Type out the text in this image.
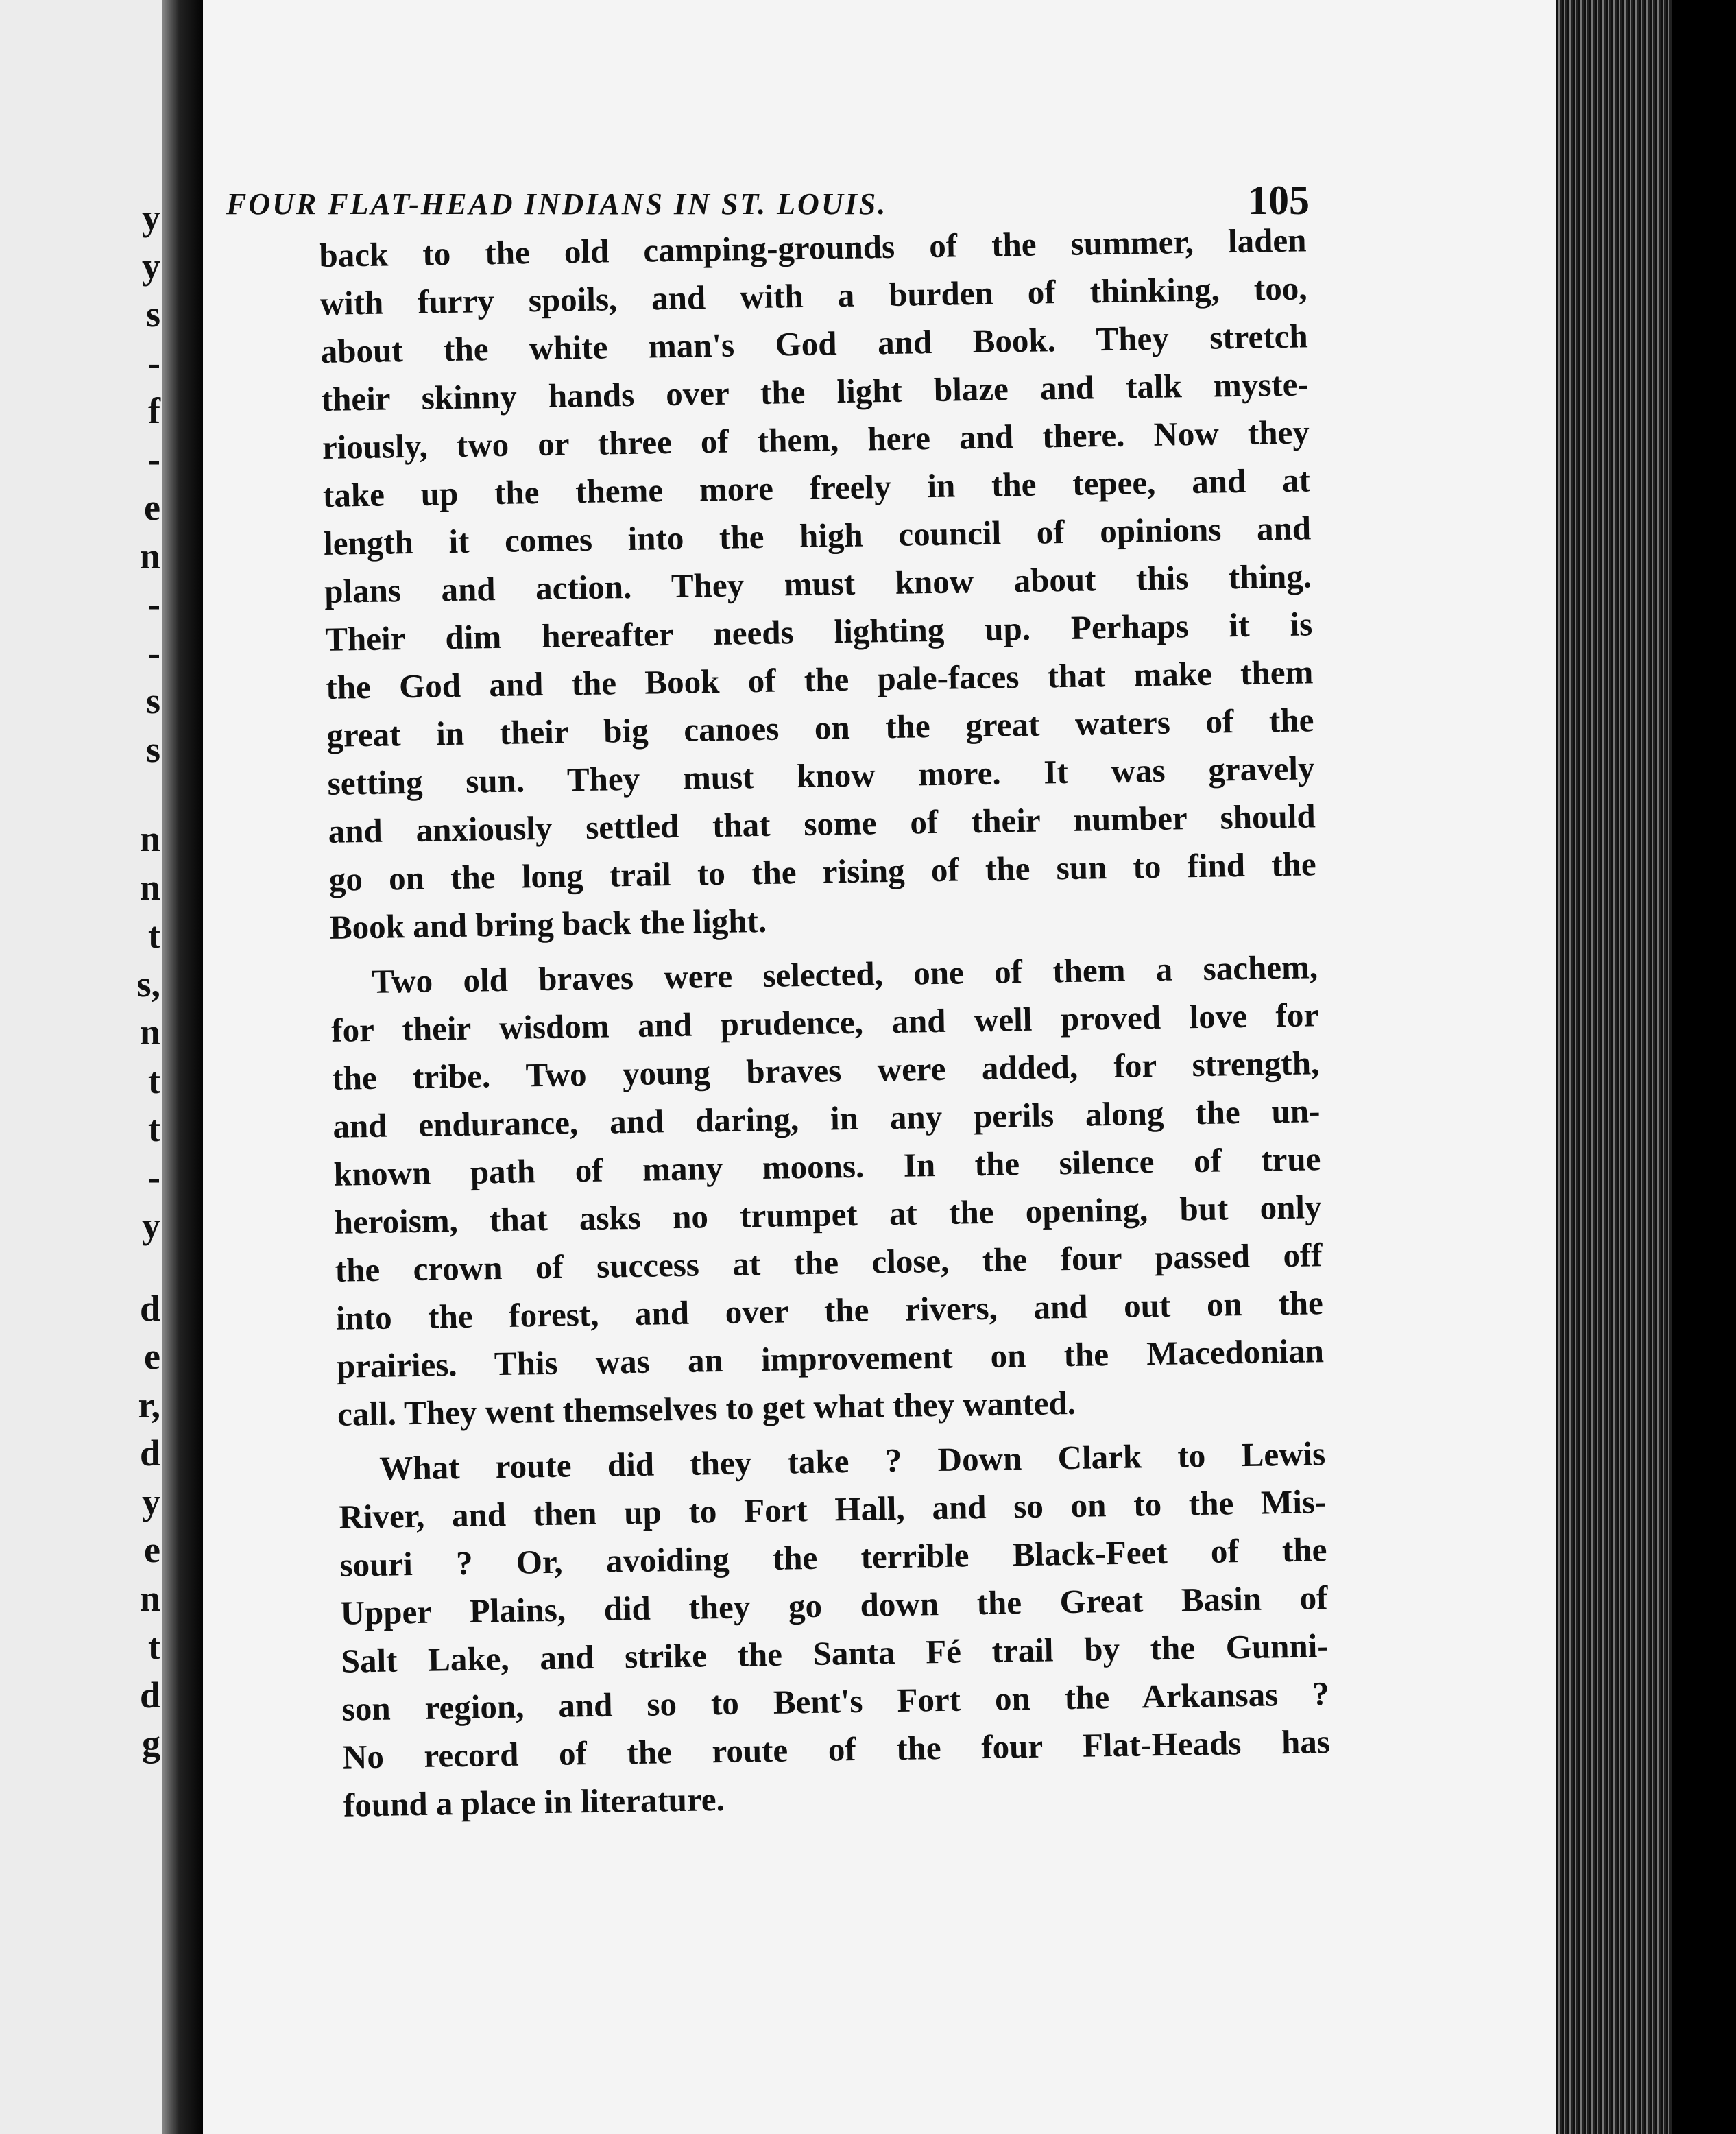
y
y
s
-
f
-
e
n
-
-
s
s
n
n
t
s,
n
t
t
-
y
d
e
r,
d
y
e
n
t
d
g
FOUR FLAT-HEAD INDIANS IN ST. LOUIS.	105
back to the old camping-grounds of the summer, laden
with furry spoils, and with a burden of thinking, too,
about the white man's God and Book. They stretch
their skinny hands over the light blaze and talk myste-
riously, two or three of them, here and there. Now they
take up the theme more freely in the tepee, and at
length it comes into the high council of opinions and
plans and action. They must know about this thing.
Their dim hereafter needs lighting up. Perhaps it is
the God and the Book of the pale-faces that make them
great in their big canoes on the great waters of the
setting sun. They must know more. It was gravely
and anxiously settled that some of their number should
go on the long trail to the rising of the sun to find the
Book and bring back the light.
Two old braves were selected, one of them a sachem,
for their wisdom and prudence, and well proved love for
the tribe. Two young braves were added, for strength,
and endurance, and daring, in any perils along the un-
known path of many moons. In the silence of true
heroism, that asks no trumpet at the opening, but only
the crown of success at the close, the four passed off
into the forest, and over the rivers, and out on the
prairies. This was an improvement on the Macedonian
call. They went themselves to get what they wanted.
What route did they take ? Down Clark to Lewis
River, and then up to Fort Hall, and so on to the Mis-
souri ? Or, avoiding the terrible Black-Feet of the
Upper Plains, did they go down the Great Basin of
Salt Lake, and strike the Santa Fé trail by the Gunni-
son region, and so to Bent's Fort on the Arkansas ?
No record of the route of the four Flat-Heads has
found a place in literature.
